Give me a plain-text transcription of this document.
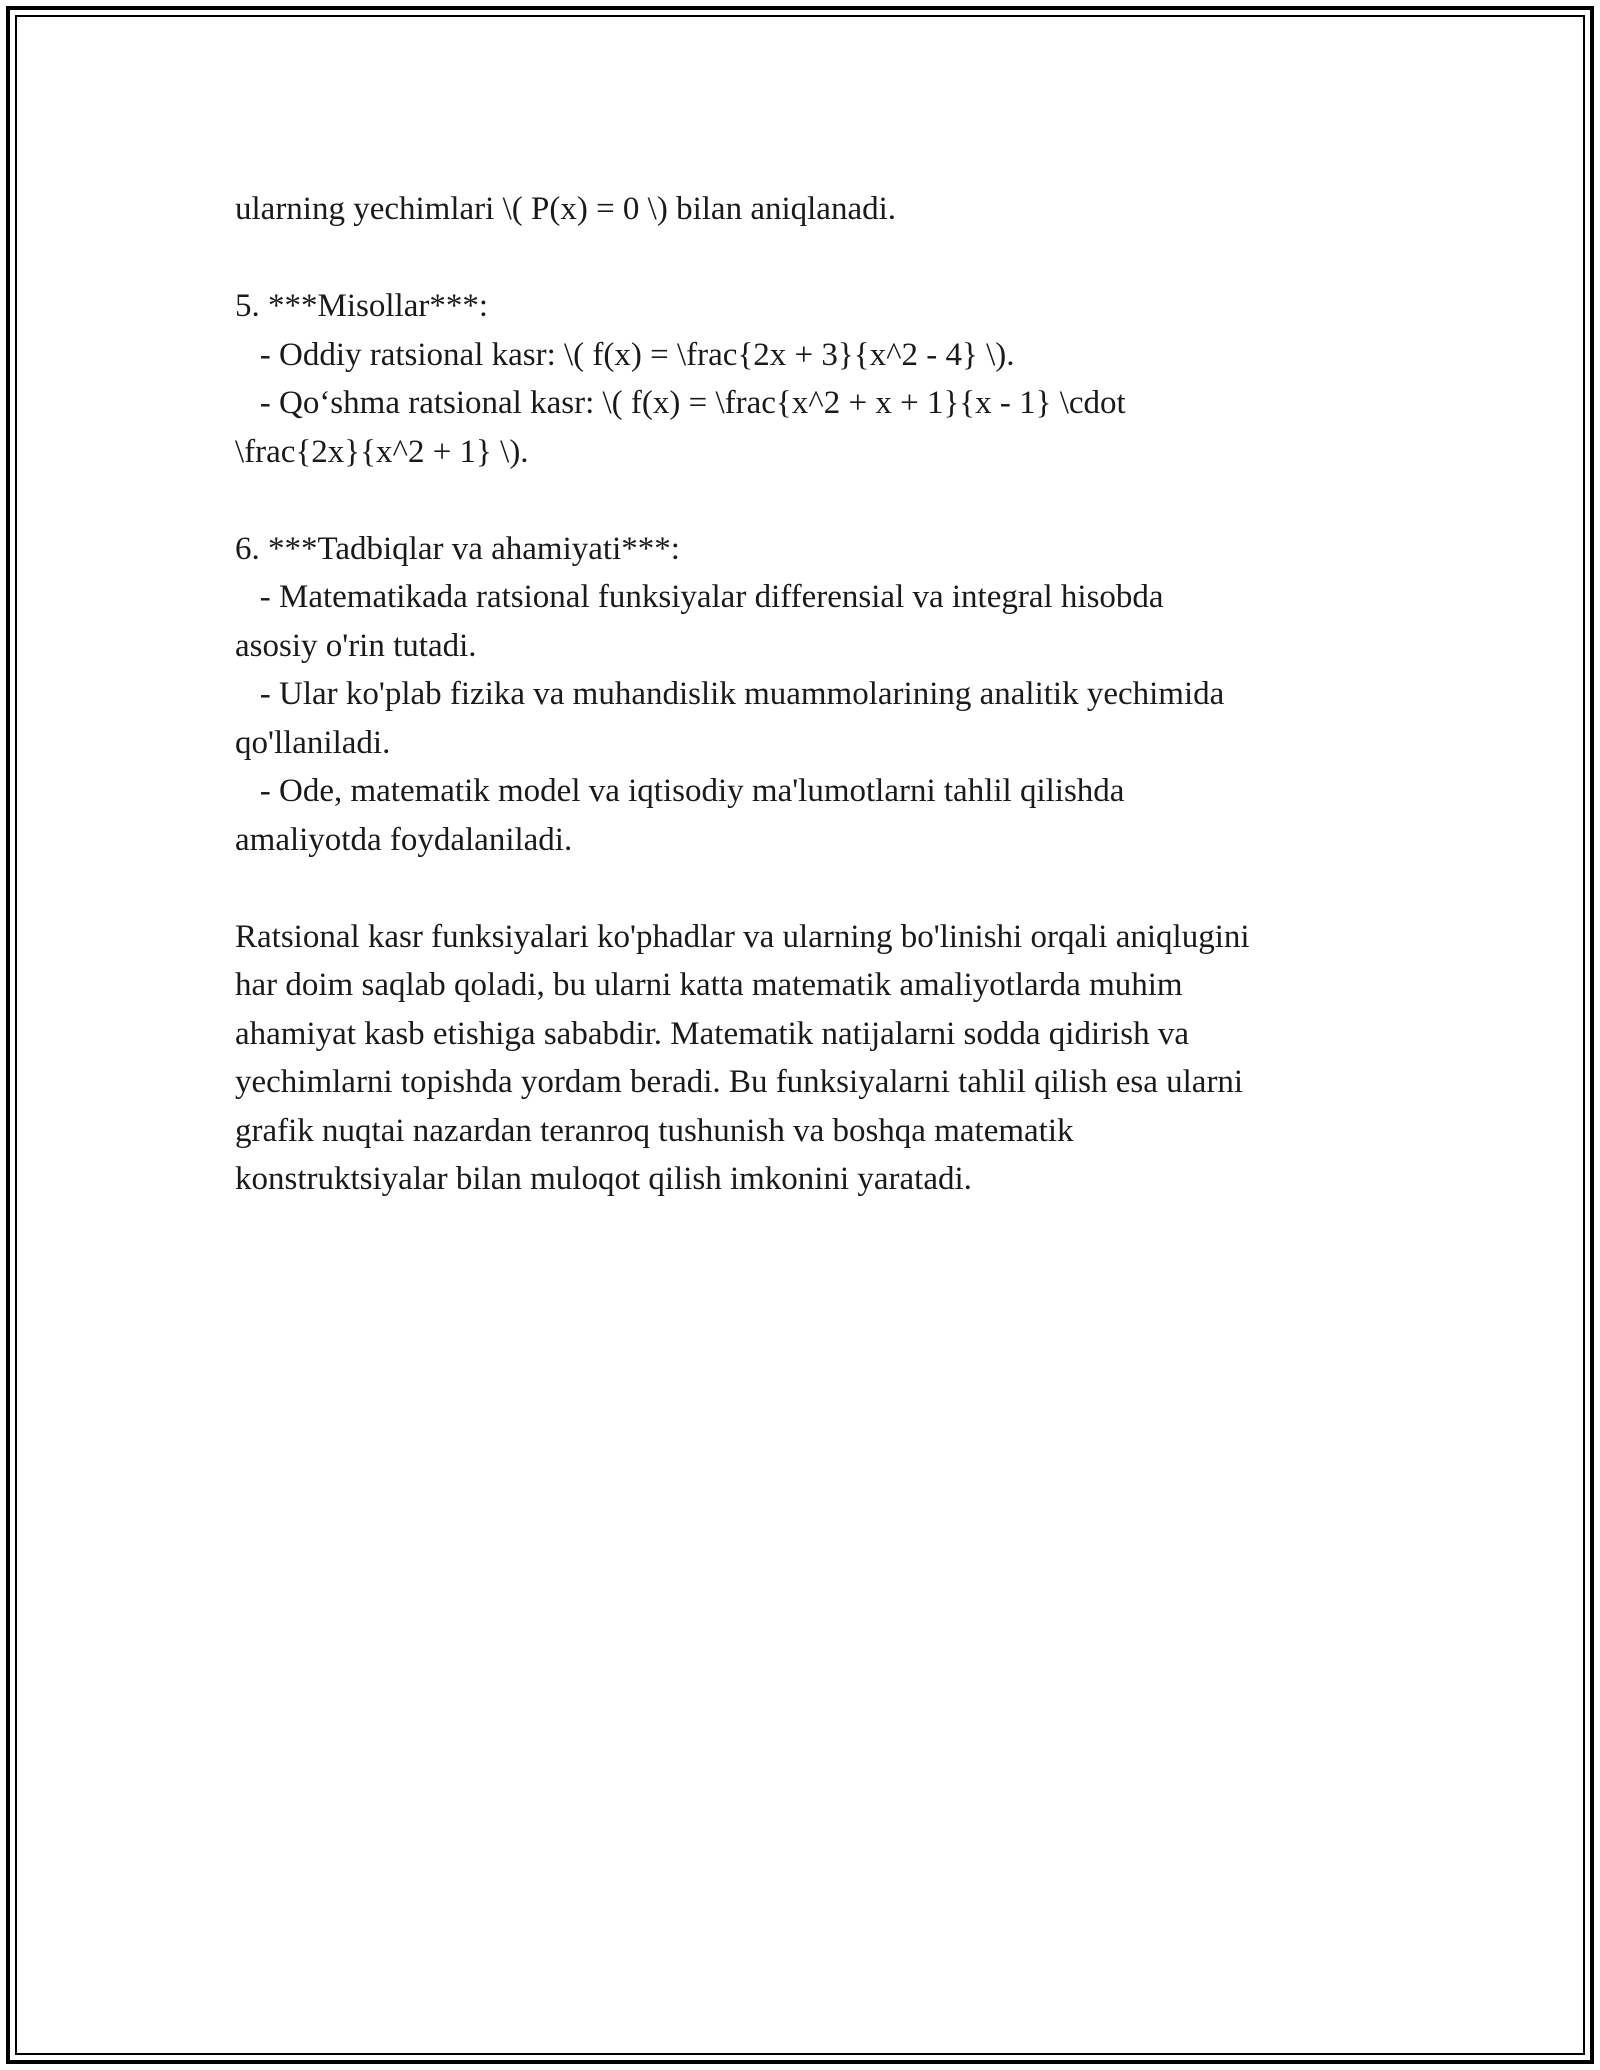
ularning yechimlari \( P(x) = 0 \) bilan aniqlanadi.

5. ***Misollar***:

- Oddiy ratsional kasr: \( f(x) = \frac{2x + 3}{x^2 - 4} \).

- Qo‘shma ratsional kasr: \( f(x) = \frac{x^2 + x + 1}{x - 1} \cdot

\frac{2x}{x^2 + 1} \).

6. ***Tadbiqlar va ahamiyati***:

- Matematikada ratsional funksiyalar differensial va integral hisobda

asosiy o'rin tutadi.

- Ular ko'plab fizika va muhandislik muammolarining analitik yechimida

qo'llaniladi.

- Ode, matematik model va iqtisodiy ma'lumotlarni tahlil qilishda

amaliyotda foydalaniladi.

Ratsional kasr funksiyalari ko'phadlar va ularning bo'linishi orqali aniqlugini

har doim saqlab qoladi, bu ularni katta matematik amaliyotlarda muhim

ahamiyat kasb etishiga sababdir. Matematik natijalarni sodda qidirish va

yechimlarni topishda yordam beradi. Bu funksiyalarni tahlil qilish esa ularni

grafik nuqtai nazardan teranroq tushunish va boshqa matematik

konstruktsiyalar bilan muloqot qilish imkonini yaratadi.
